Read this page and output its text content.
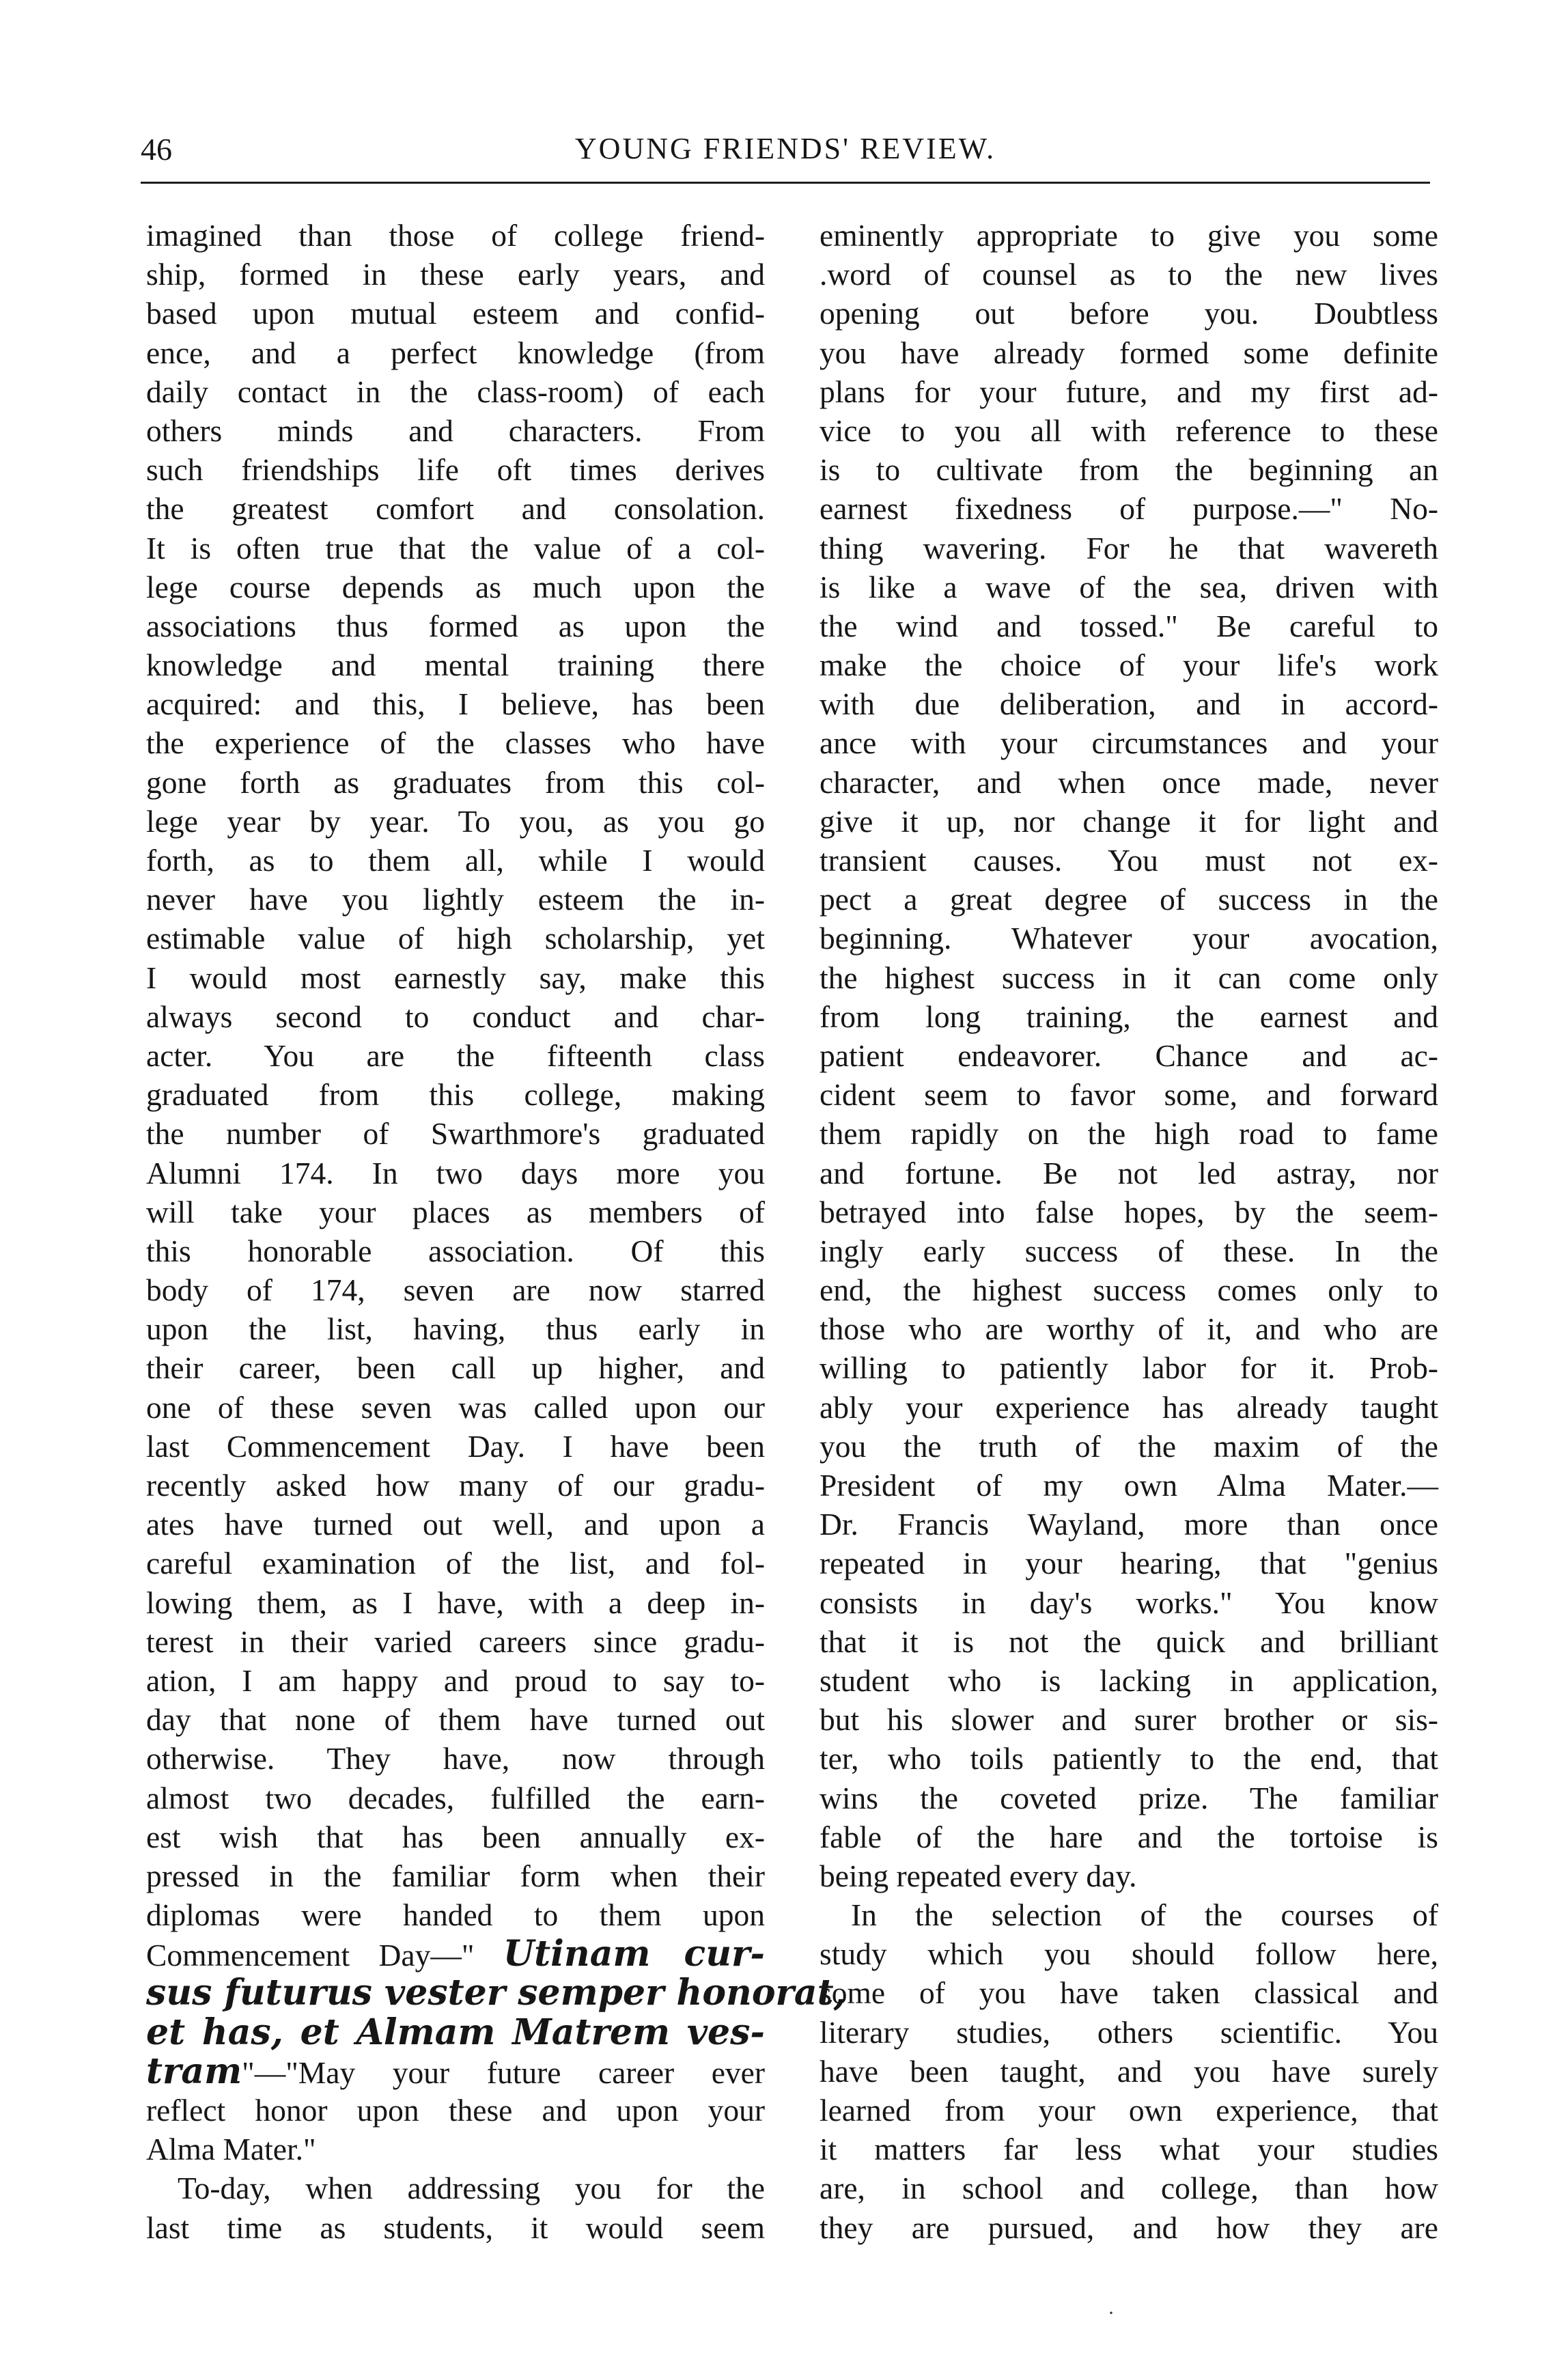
46	YOUNG FRIENDS' REVIEW.
imagined than those of college friend-
ship, formed in these early years, and
based upon mutual esteem and confid-
ence, and a perfect knowledge (from
daily contact in the class-room) of each
others minds and characters. From
such friendships life oft times derives
the greatest comfort and consolation.
It is often true that the value of a col-
lege course depends as much upon the
associations thus formed as upon the
knowledge and mental training there
acquired: and this, I believe, has been
the experience of the classes who have
gone forth as graduates from this col-
lege year by year. To you, as you go
forth, as to them all, while I would
never have you lightly esteem the in-
estimable value of high scholarship, yet
I would most earnestly say, make this
always second to conduct and char-
acter. You are the fifteenth class
graduated from this college, making
the number of Swarthmore's graduated
Alumni 174. In two days more you
will take your places as members of
this honorable association. Of this
body of 174, seven are now starred
upon the list, having, thus early in
their career, been call up higher, and
one of these seven was called upon our
last Commencement Day. I have been
recently asked how many of our gradu-
ates have turned out well, and upon a
careful examination of the list, and fol-
lowing them, as I have, with a deep in-
terest in their varied careers since gradu-
ation, I am happy and proud to say to-
day that none of them have turned out
otherwise. They have, now through
almost two decades, fulfilled the earn-
est wish that has been annually ex-
pressed in the familiar form when their
diplomas were handed to them upon
Commencement Day—" Utinam cur-
sus futurus vester semper honorat,
et has, et Almam Matrem ves-
tram"—"May your future career ever
reflect honor upon these and upon your
Alma Mater."
To-day, when addressing you for the
last time as students, it would seem
eminently appropriate to give you some
.word of counsel as to the new lives
opening out before you. Doubtless
you have already formed some definite
plans for your future, and my first ad-
vice to you all with reference to these
is to cultivate from the beginning an
earnest fixedness of purpose.—" No-
thing wavering. For he that wavereth
is like a wave of the sea, driven with
the wind and tossed." Be careful to
make the choice of your life's work
with due deliberation, and in accord-
ance with your circumstances and your
character, and when once made, never
give it up, nor change it for light and
transient causes. You must not ex-
pect a great degree of success in the
beginning. Whatever your avocation,
the highest success in it can come only
from long training, the earnest and
patient endeavorer. Chance and ac-
cident seem to favor some, and forward
them rapidly on the high road to fame
and fortune. Be not led astray, nor
betrayed into false hopes, by the seem-
ingly early success of these. In the
end, the highest success comes only to
those who are worthy of it, and who are
willing to patiently labor for it. Prob-
ably your experience has already taught
you the truth of the maxim of the
President of my own Alma Mater.—
Dr. Francis Wayland, more than once
repeated in your hearing, that "genius
consists in day's works." You know
that it is not the quick and brilliant
student who is lacking in application,
but his slower and surer brother or sis-
ter, who toils patiently to the end, that
wins the coveted prize. The familiar
fable of the hare and the tortoise is
being repeated every day.
In the selection of the courses of
study which you should follow here,
some of you have taken classical and
literary studies, others scientific. You
have been taught, and you have surely
learned from your own experience, that
it matters far less what your studies
are, in school and college, than how
they are pursued, and how they are
·
